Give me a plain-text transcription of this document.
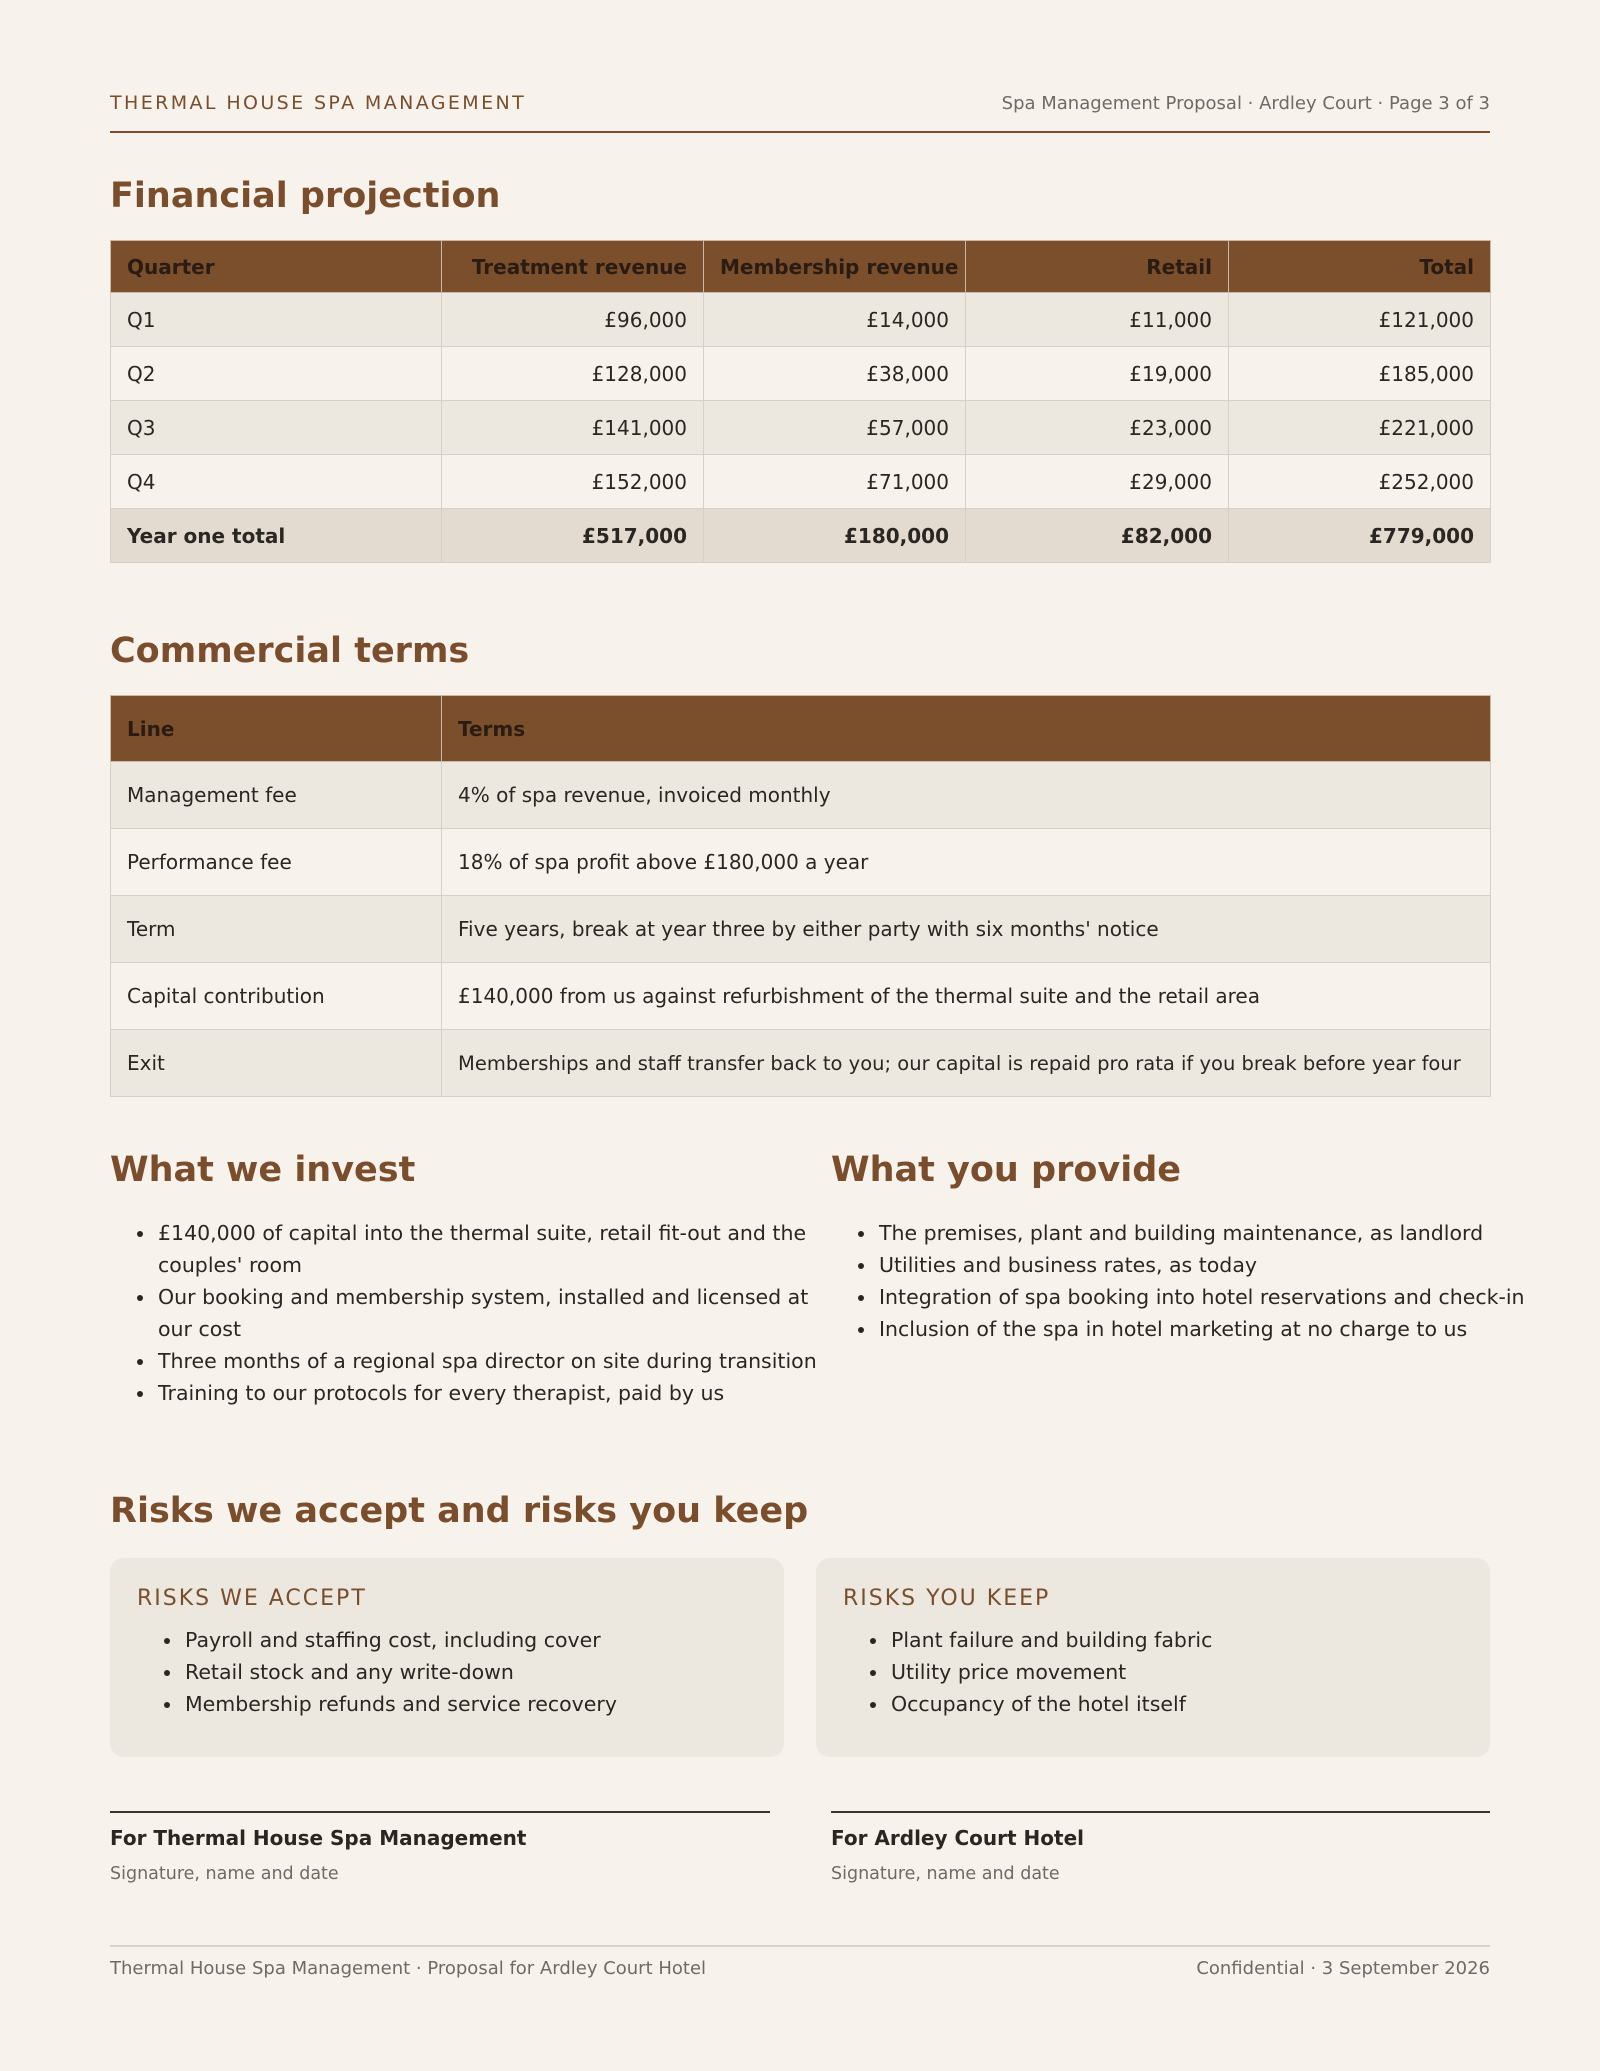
THERMAL HOUSE SPA MANAGEMENT	Spa Management Proposal · Ardley Court · Page 3 of 3
Financial projection
Quarter	Treatment revenue	Membership revenue	Retail	Total
Q1	£96,000	£14,000	£11,000	£121,000
Q2	£128,000	£38,000	£19,000	£185,000
Q3	£141,000	£57,000	£23,000	£221,000
Q4	£152,000	£71,000	£29,000	£252,000
Year one total	£517,000	£180,000	£82,000	£779,000
Commercial terms
Line	Terms
Management fee	4% of spa revenue, invoiced monthly
Performance fee	18% of spa profit above £180,000 a year
Term	Five years, break at year three by either party with six months' notice
Capital contribution	£140,000 from us against refurbishment of the thermal suite and the retail area
Exit	Memberships and staff transfer back to you; our capital is repaid pro rata if you break before year four
What we invest
• £140,000 of capital into the thermal suite, retail fit-out and the couples' room
• Our booking and membership system, installed and licensed at our cost
• Three months of a regional spa director on site during transition
• Training to our protocols for every therapist, paid by us
What you provide
• The premises, plant and building maintenance, as landlord
• Utilities and business rates, as today
• Integration of spa booking into hotel reservations and check-in
• Inclusion of the spa in hotel marketing at no charge to us
Risks we accept and risks you keep
RISKS WE ACCEPT
• Payroll and staffing cost, including cover
• Retail stock and any write-down
• Membership refunds and service recovery
RISKS YOU KEEP
• Plant failure and building fabric
• Utility price movement
• Occupancy of the hotel itself
For Thermal House Spa Management
Signature, name and date
For Ardley Court Hotel
Signature, name and date
Thermal House Spa Management · Proposal for Ardley Court Hotel	Confidential · 3 September 2026
